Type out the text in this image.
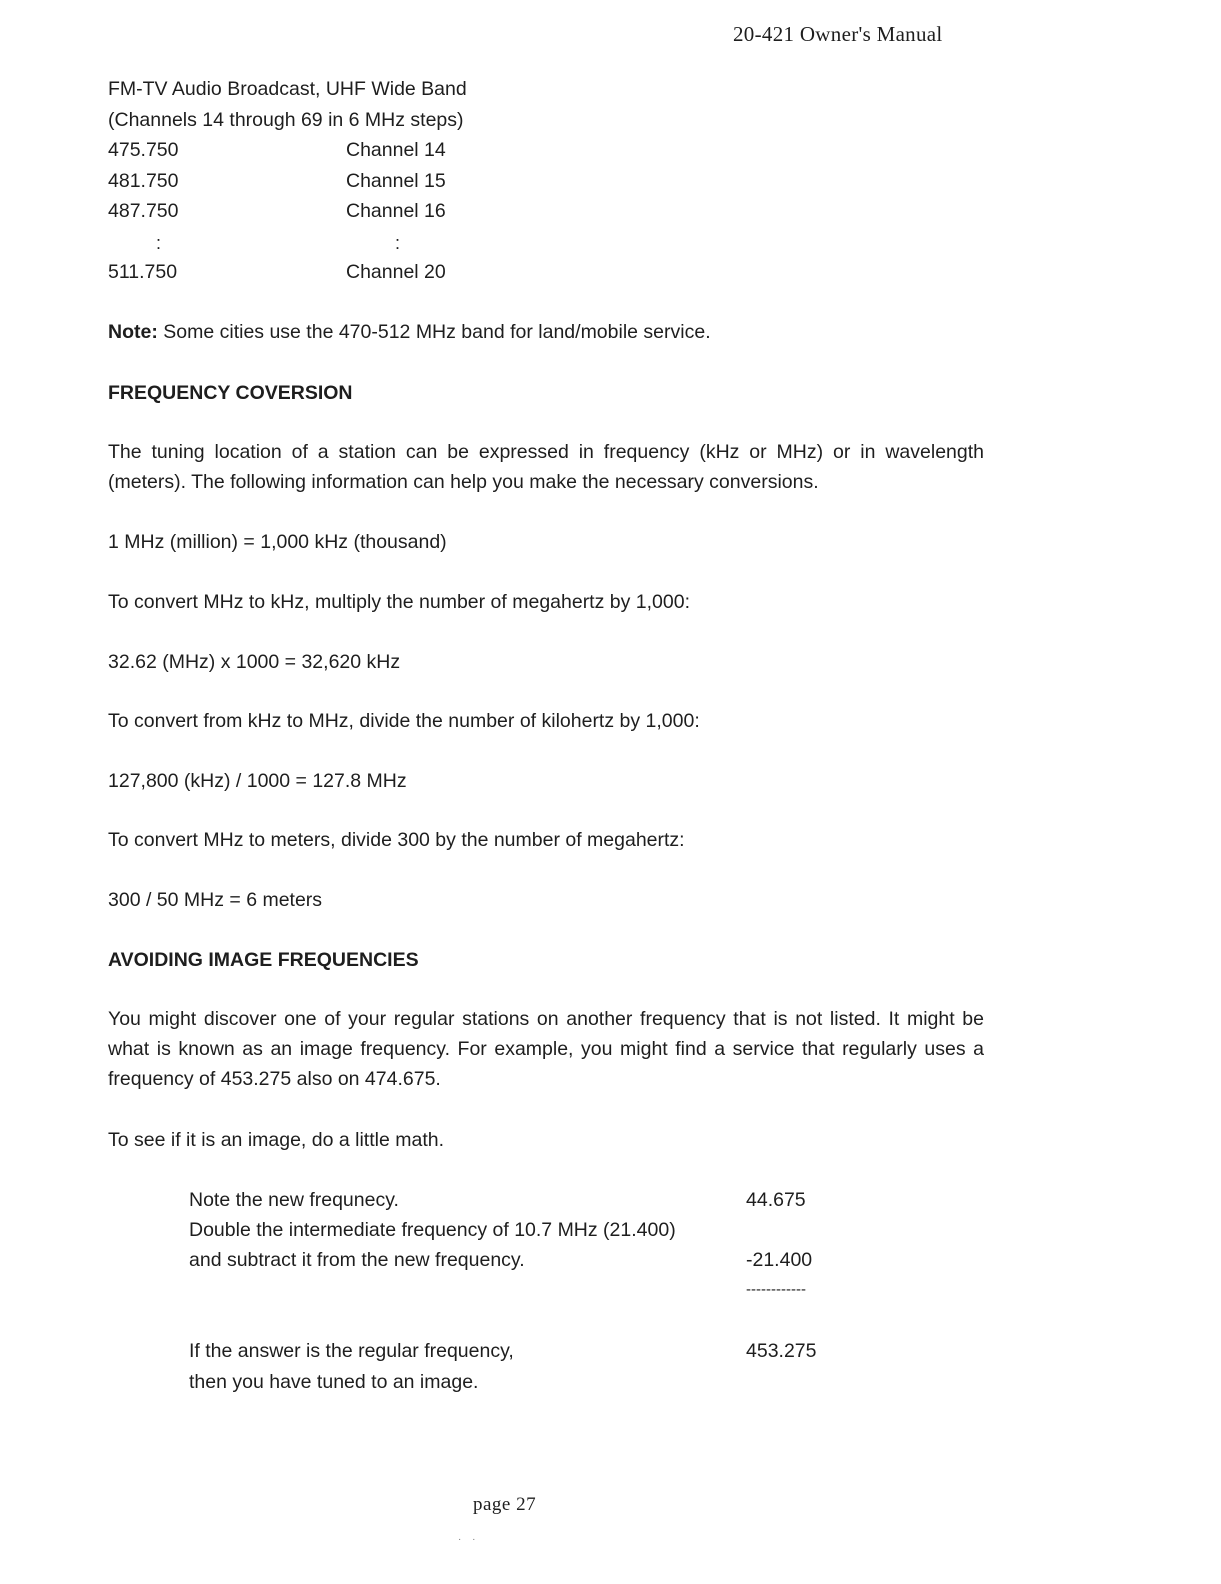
20-421 Owner's Manual
FM-TV Audio Broadcast, UHF Wide Band
(Channels 14 through 69 in 6 MHz steps)
475.750	Channel 14
481.750	Channel 15
487.750	Channel 16
:	:
511.750	Channel 20
Note: Some cities use the 470-512 MHz band for land/mobile service.
FREQUENCY COVERSION
The tuning location of a station can be expressed in frequency (kHz or MHz) or in wavelength (meters). The following information can help you make the necessary conversions.
1 MHz (million) = 1,000 kHz (thousand)
To convert MHz to kHz, multiply the number of megahertz by 1,000:
32.62 (MHz) x 1000 = 32,620 kHz
To convert from kHz to MHz, divide the number of kilohertz by 1,000:
127,800 (kHz) / 1000 = 127.8 MHz
To convert MHz to meters, divide 300 by the number of megahertz:
300 / 50 MHz = 6 meters
AVOIDING IMAGE FREQUENCIES
You might discover one of your regular stations on another frequency that is not listed. It might be what is known as an image frequency. For example, you might find a service that regularly uses a frequency of 453.275 also on 474.675.
To see if it is an image, do a little math.
Note the new frequnecy.	44.675
Double the intermediate frequency of 10.7 MHz (21.400)
and subtract it from the new frequency.	-21.400
------------
If the answer is the regular frequency,	453.275
then you have tuned to an image.
page 27
· ·
